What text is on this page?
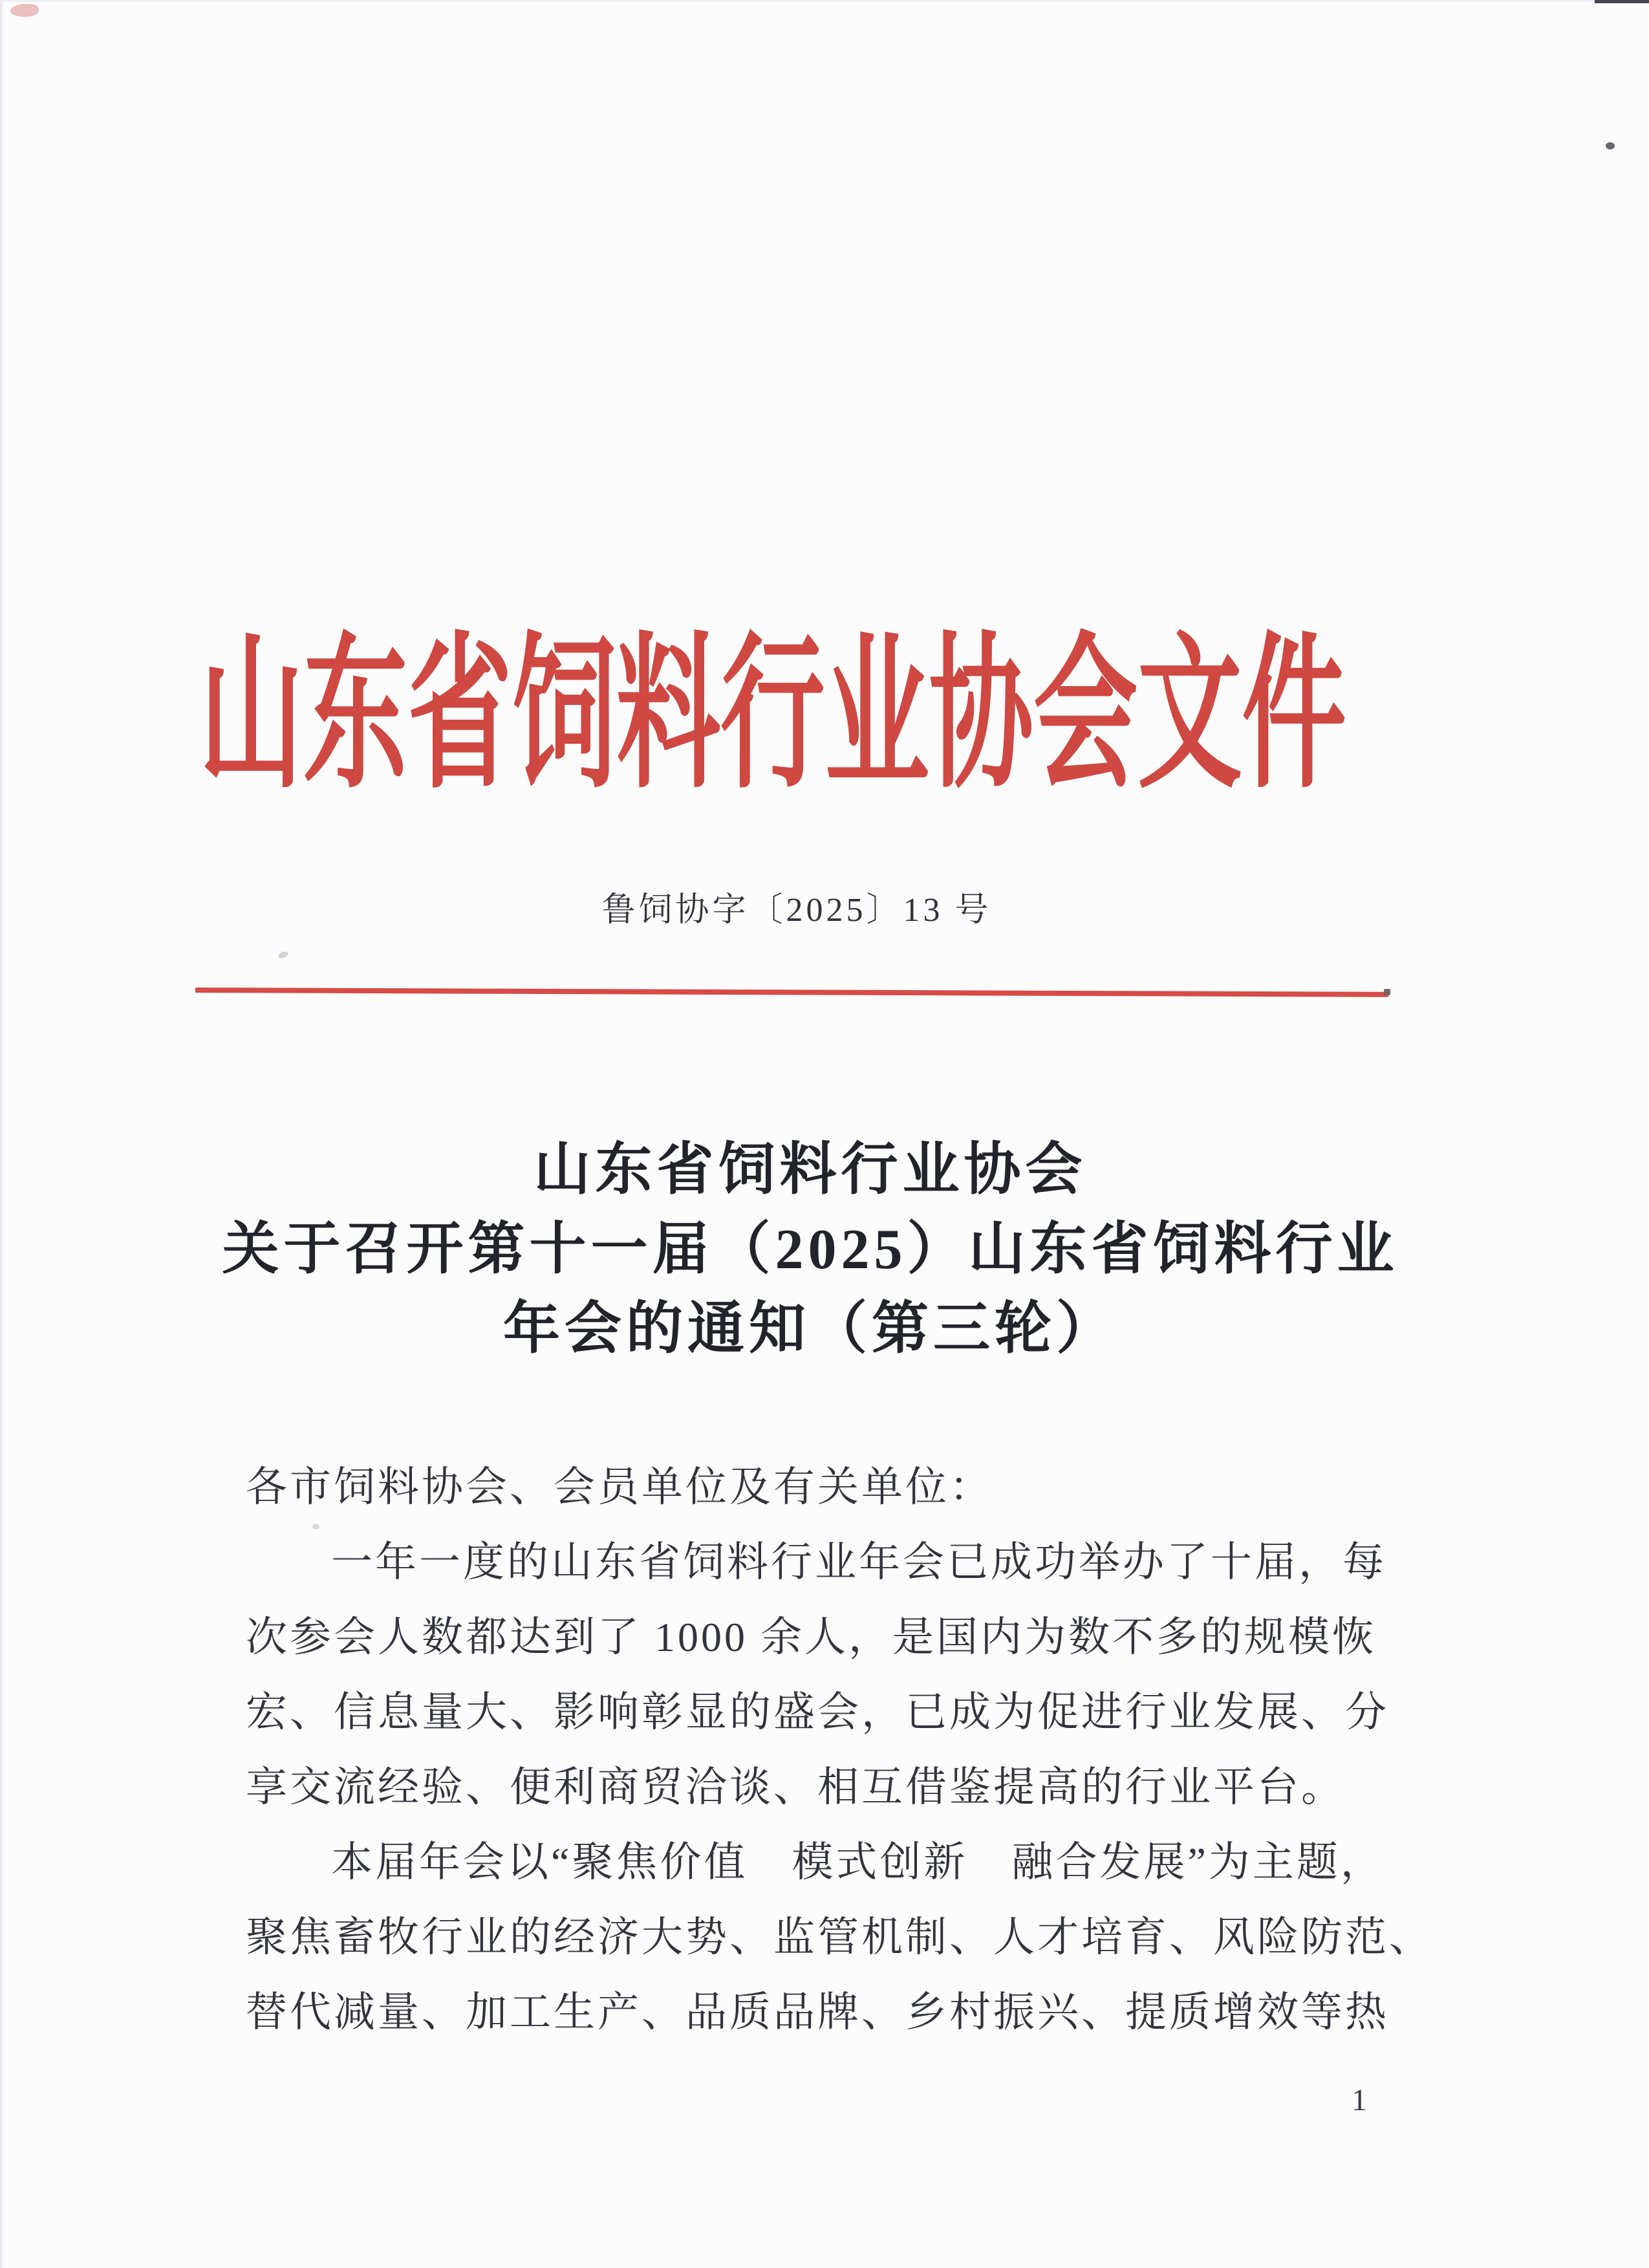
山东省饲料行业协会文件
鲁饲协字〔2025〕13 号
山东省饲料行业协会
关于召开第十一届（2025）山东省饲料行业
年会的通知（第三轮）
各市饲料协会、会员单位及有关单位：
一年一度的山东省饲料行业年会已成功举办了十届，每
次参会人数都达到了 1000 余人，是国内为数不多的规模恢
宏、信息量大、影响彰显的盛会，已成为促进行业发展、分
享交流经验、便利商贸洽谈、相互借鉴提高的行业平台。
本届年会以“聚焦价值　模式创新　融合发展”为主题，
聚焦畜牧行业的经济大势、监管机制、人才培育、风险防范、
替代减量、加工生产、品质品牌、乡村振兴、提质增效等热
1
